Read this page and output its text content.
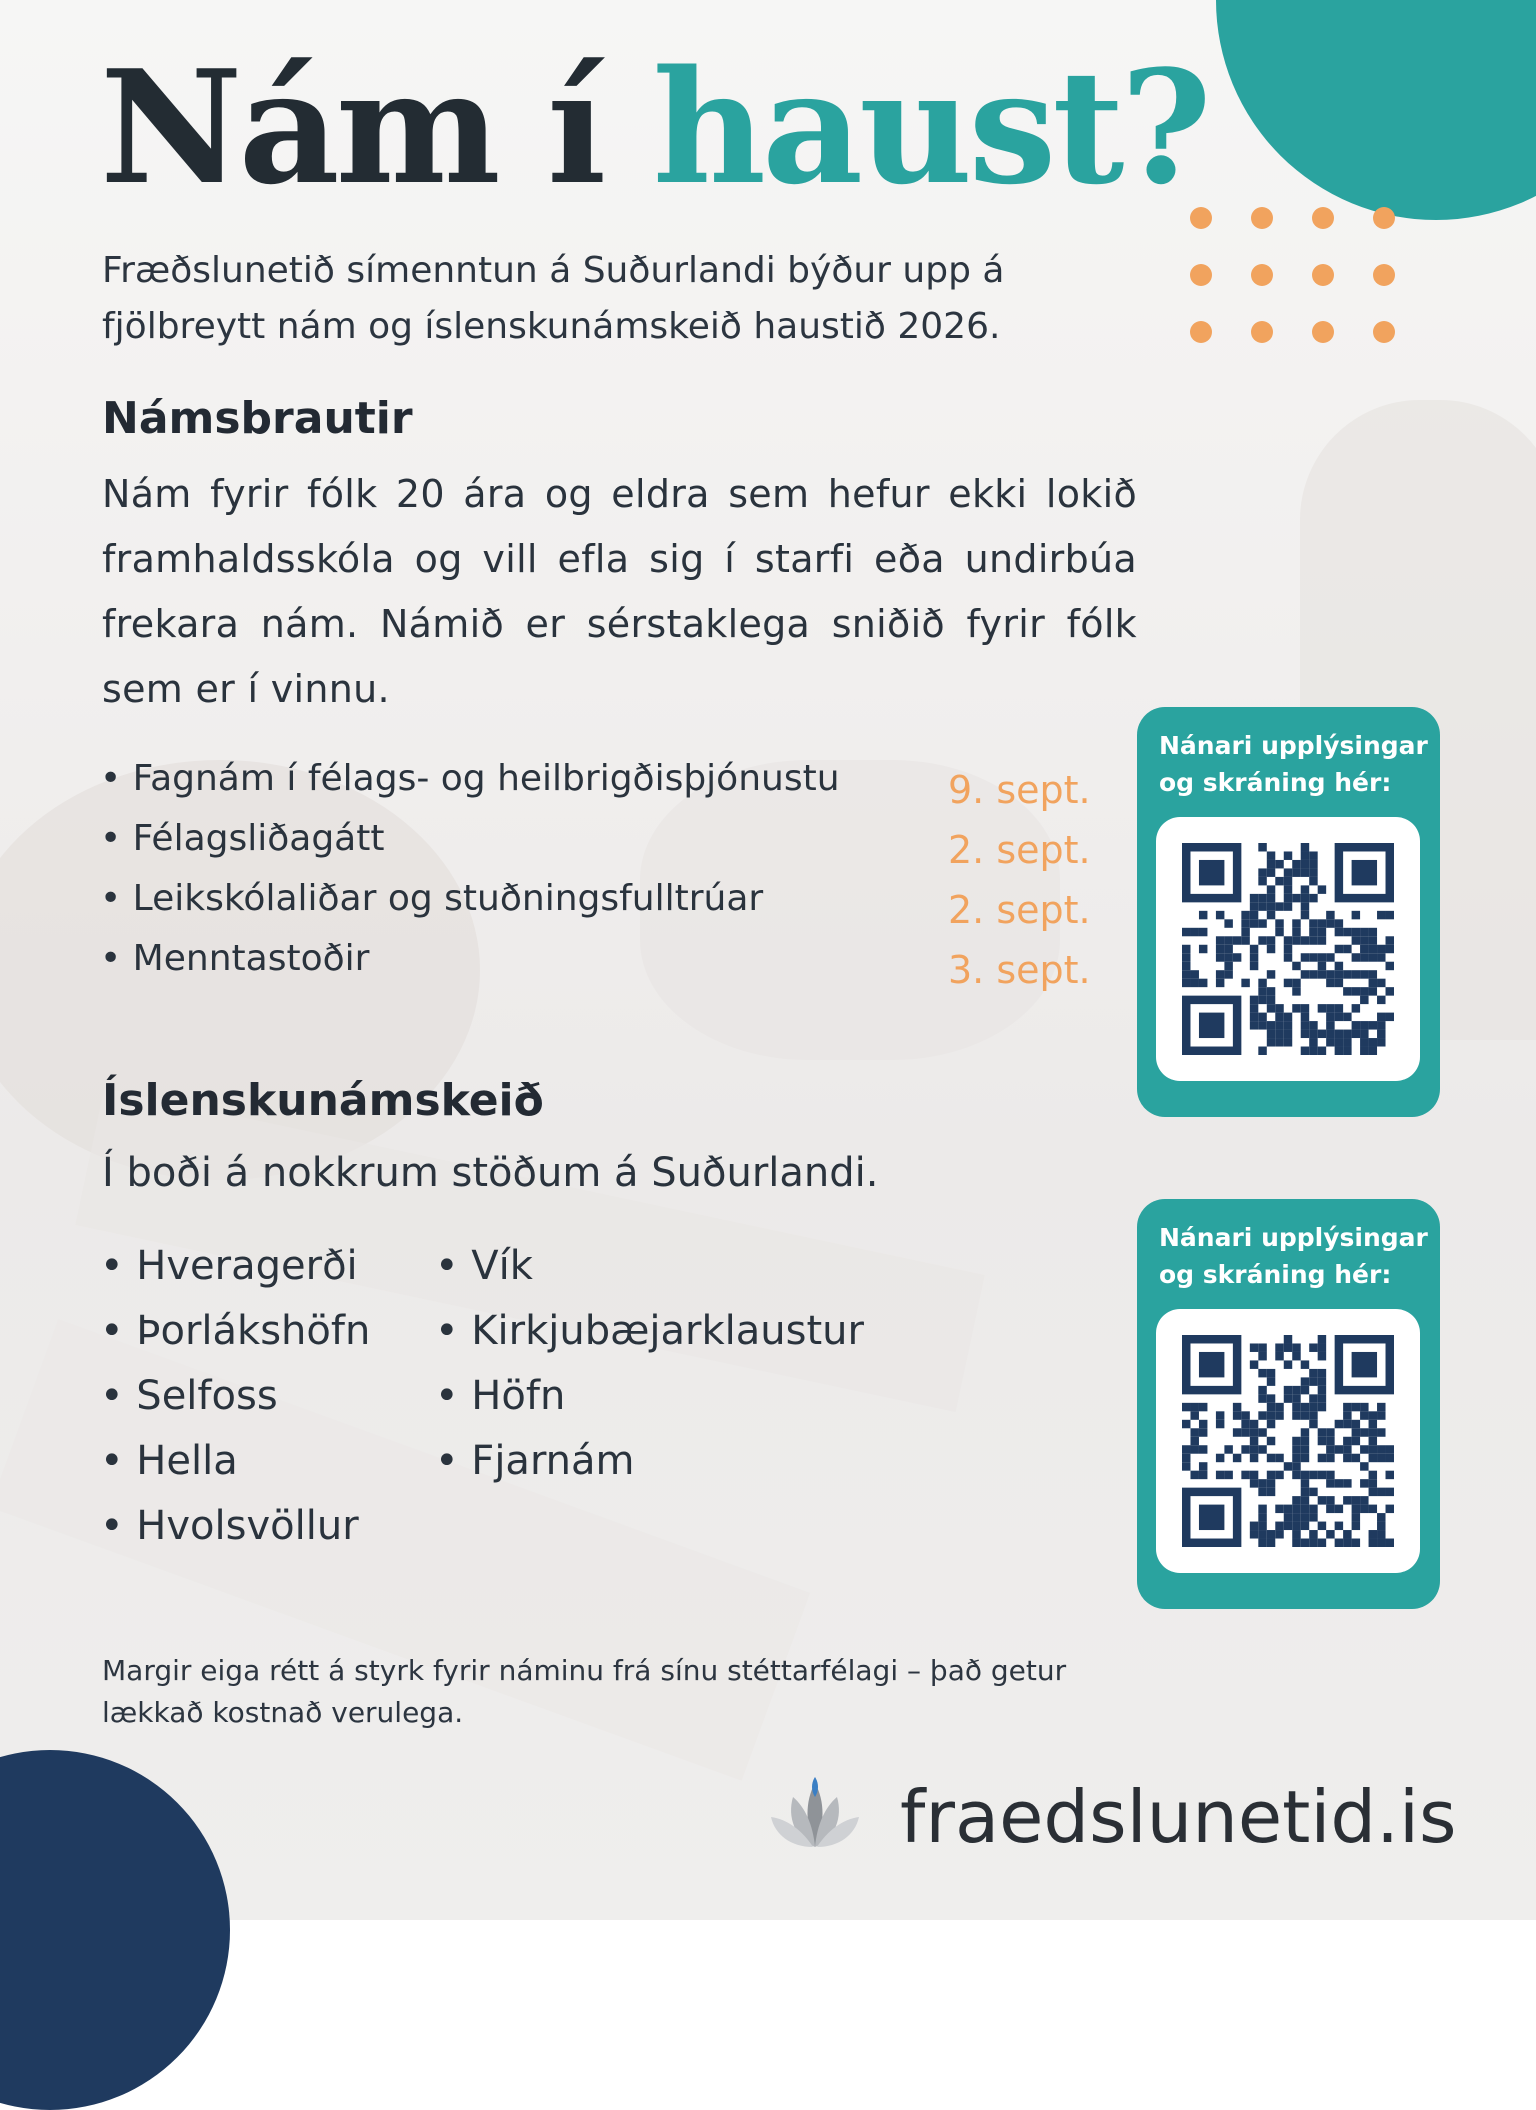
Nám í haust?
Fræðslunetið símenntun á Suðurlandi býður upp á fjölbreytt nám og íslenskunámskeið haustið 2026.
Námsbrautir
Nám fyrir fólk 20 ára og eldra sem hefur ekki lokið framhaldsskóla og vill efla sig í starfi eða undirbúa frekara nám. Námið er sérstaklega sniðið fyrir fólk sem er í vinnu.
• Fagnám í félags- og heilbrigðisþjónustu	9. sept.
• Félagsliðagátt	2. sept.
• Leikskólaliðar og stuðningsfulltrúar	2. sept.
• Menntastoðir	3. sept.
Íslenskunámskeið
Í boði á nokkrum stöðum á Suðurlandi.
• Hveragerði
• Þorlákshöfn
• Selfoss
• Hella
• Hvolsvöllur
• Vík
• Kirkjubæjarklaustur
• Höfn
• Fjarnám
Margir eiga rétt á styrk fyrir náminu frá sínu stéttarfélagi – það getur lækkað kostnað verulega.
Nánari upplýsingar og skráning hér:
Nánari upplýsingar og skráning hér:
fraedslunetid.is
